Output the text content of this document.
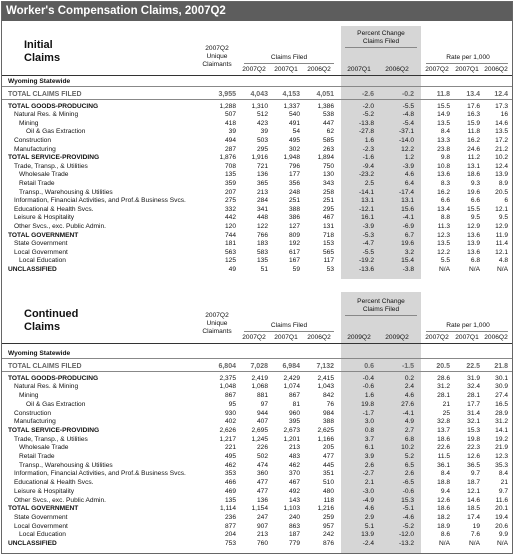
Worker's Compensation Claims, 2007Q2
Initial
Claims
2007Q2
Unique
Claimants
Claims Filed
Percent Change
Claims Filed
Rate per 1,000
2007Q2	2007Q1	2006Q2	2007Q1	2006Q2	2007Q2 2007Q1 2006Q2
Wyoming Statewide
TOTAL CLAIMS FILED	3,955	4,043	4,153	4,051	-2.6	-0.2	11.8	13.4	12.4
TOTAL GOODS-PRODUCING	1,288	1,310	1,337	1,386	-2.0	-5.5	15.5	17.6	17.3
Natural Res. & Mining	507	512	540	538	-5.2	-4.8	14.9	16.3	16
Mining	418	423	491	447	-13.8	-5.4	13.5	15.9	14.6
Oil & Gas Extraction	39	39	54	62	-27.8	-37.1	8.4	11.8	13.5
Construction	494	503	495	585	1.6	-14.0	13.3	16.2	17.2
Manufacturing	287	295	302	263	-2.3	12.2	23.8	24.6	21.2
TOTAL SERVICE-PROVIDING	1,876	1,916	1,948	1,894	-1.6	1.2	9.8	11.2	10.2
Trade, Transp., & Utilities	708	721	796	750	-9.4	-3.9	10.8	13.1	12.4
Wholesale Trade	135	136	177	130	-23.2	4.6	13.6	18.6	13.9
Retail Trade	359	365	356	343	2.5	6.4	8.3	9.3	8.9
Transp., Warehousing & Utilities	207	213	248	258	-14.1	-17.4	16.2	19.6	20.5
Information, Financial Activities, and Prof.& Business Svcs.	275	284	251	251	13.1	13.1	6.6	6.6	6
Educational & Health Svcs.	332	341	388	295	-12.1	15.6	13.4	15.5	12.1
Leisure & Hospitality	442	448	386	467	16.1	-4.1	8.8	9.5	9.5
Other Svcs., exc. Public Admin.	120	122	127	131	-3.9	-6.9	11.3	12.9	12.9
TOTAL GOVERNMENT	744	766	809	718	-5.3	6.7	12.3	13.6	11.9
State Government	181	183	192	153	-4.7	19.6	13.5	13.9	11.4
Local Government	563	583	617	565	-5.5	3.2	12.2	13.6	12.1
Local Education	125	135	167	117	-19.2	15.4	5.5	6.8	4.8
UNCLASSIFIED	49	51	59	53	-13.6	-3.8	N/A	N/A	N/A
Continued
Claims
2007Q2
Unique
Claimants
Claims Filed
Percent Change
Claims Filed
Rate per 1,000
2007Q2	2007Q1	2006Q2	2009Q2	2009Q2	2007Q2 2007Q1 2006Q2
Wyoming Statewide
TOTAL CLAIMS FILED	6,804	7,028	6,984	7,132	0.6	-1.5	20.5	22.5	21.8
TOTAL GOODS-PRODUCING	2,375	2,419	2,429	2,415	-0.4	0.2	28.6	31.9	30.1
Natural Res. & Mining	1,048	1,068	1,074	1,043	-0.6	2.4	31.2	32.4	30.9
Mining	867	881	867	842	1.6	4.6	28.1	28.1	27.4
Oil & Gas Extraction	95	97	81	76	19.8	27.6	21	17.7	16.5
Construction	930	944	960	984	-1.7	-4.1	25	31.4	28.9
Manufacturing	402	407	395	388	3.0	4.9	32.8	32.1	31.2
TOTAL SERVICE-PROVIDING	2,626	2,695	2,673	2,625	0.8	2.7	13.7	15.3	14.1
Trade, Transp., & Utilities	1,217	1,245	1,201	1,166	3.7	6.8	18.6	19.8	19.2
Wholesale Trade	221	226	213	205	6.1	10.2	22.6	22.3	21.9
Retail Trade	495	502	483	477	3.9	5.2	11.5	12.6	12.3
Transp., Warehousing & Utilities	462	474	462	445	2.6	6.5	36.1	36.5	35.3
Information, Financial Activities, and Prof.& Business Svcs.	353	360	370	351	-2.7	2.6	8.4	9.7	8.4
Educational & Health Svcs.	466	477	467	510	2.1	-6.5	18.8	18.7	21
Leisure & Hospitality	469	477	492	480	-3.0	-0.6	9.4	12.1	9.7
Other Svcs., exc. Public Admin.	135	136	143	118	-4.9	15.3	12.6	14.6	11.6
TOTAL GOVERNMENT	1,114	1,154	1,103	1,216	4.6	-5.1	18.6	18.5	20.1
State Government	236	247	240	259	2.9	-4.6	18.2	17.4	19.4
Local Government	877	907	863	957	5.1	-5.2	18.9	19	20.6
Local Education	204	213	187	242	13.9	-12.0	8.6	7.6	9.9
UNCLASSIFIED	753	760	779	876	-2.4	-13.2	N/A	N/A	N/A
